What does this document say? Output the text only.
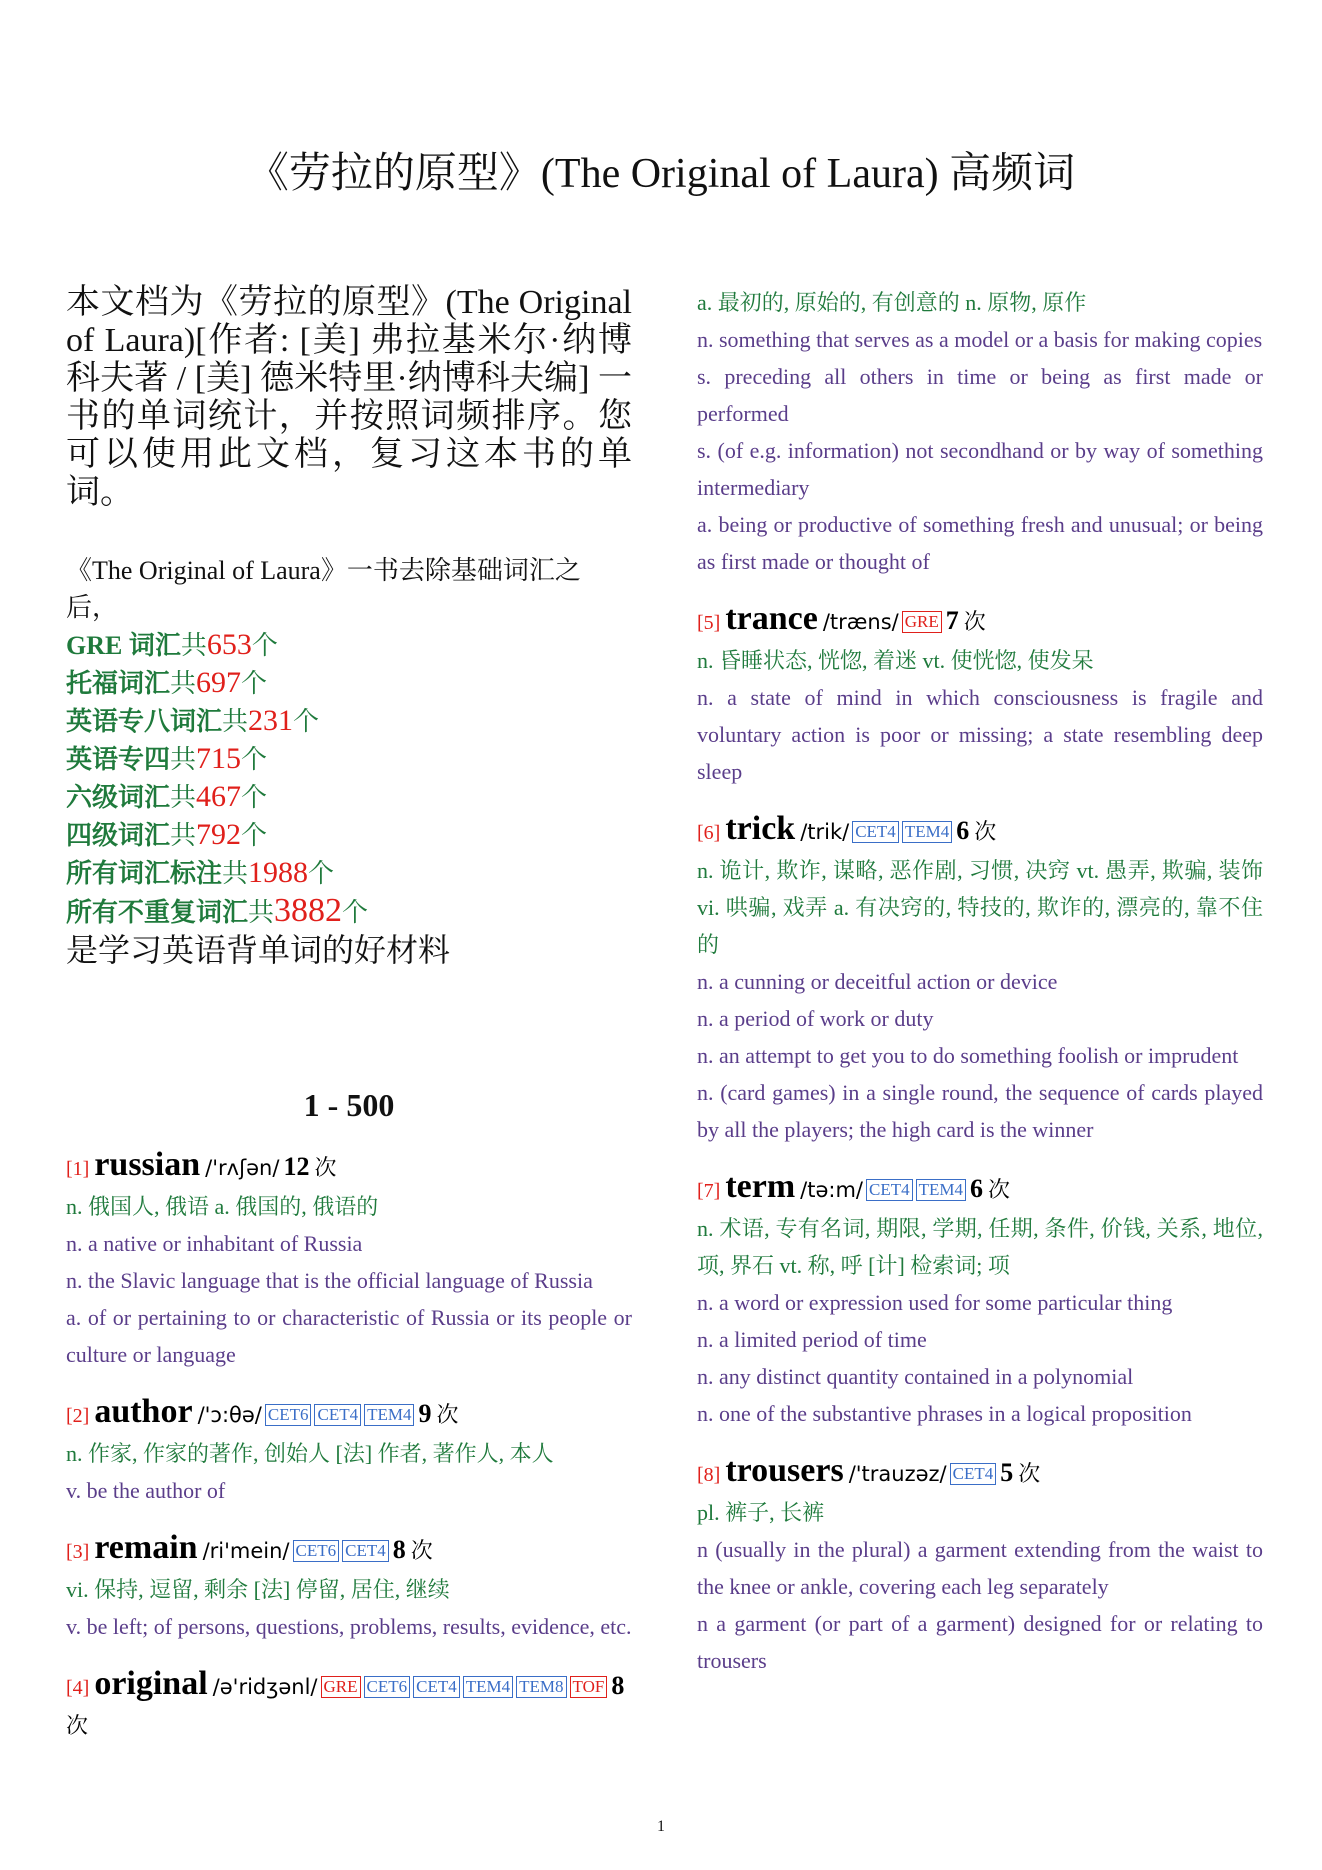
《劳拉的原型》(The Original of Laura) 高频词

本文档为《劳拉的原型》(The Original of Laura)[作者: [美] 弗拉基米尔·纳博科夫著 / [美] 德米特里·纳博科夫编] 一书的单词统计，并按照词频排序。您可以使用此文档，复习这本书的单词。

《The Original of Laura》一书去除基础词汇之后，
GRE 词汇共653个
托福词汇共697个
英语专八词汇共231个
英语专四共715个
六级词汇共467个
四级词汇共792个
所有词汇标注共1988个
所有不重复词汇共3882个
是学习英语背单词的好材料
1 - 500
[1] russian /'rʌʃən/ 12 次
n. 俄国人, 俄语 a. 俄国的, 俄语的
n. a native or inhabitant of Russia
n. the Slavic language that is the official language of Russia
a. of or pertaining to or characteristic of Russia or its people or culture or language
[2] author /'ɔ:θə/ CET6 CET4 TEM4 9 次
n. 作家, 作家的著作, 创始人 [法] 作者, 著作人, 本人
v. be the author of
[3] remain /ri'mein/ CET6 CET4 8 次
vi. 保持, 逗留, 剩余 [法] 停留, 居住, 继续
v. be left; of persons, questions, problems, results, evidence, etc.
[4] original /ə'ridʒənl/ GRE CET6 CET4 TEM4 TEM8 TOF 8 次
a. 最初的, 原始的, 有创意的 n. 原物, 原作
n. something that serves as a model or a basis for making copies
s. preceding all others in time or being as first made or performed
s. (of e.g. information) not secondhand or by way of something intermediary
a. being or productive of something fresh and unusual; or being as first made or thought of
[5] trance /træns/ GRE 7 次
n. 昏睡状态, 恍惚, 着迷 vt. 使恍惚, 使发呆
n. a state of mind in which consciousness is fragile and voluntary action is poor or missing; a state resembling deep sleep
[6] trick /trik/ CET4 TEM4 6 次
n. 诡计, 欺诈, 谋略, 恶作剧, 习惯, 决窍 vt. 愚弄, 欺骗, 装饰 vi. 哄骗, 戏弄 a. 有决窍的, 特技的, 欺诈的, 漂亮的, 靠不住的
n. a cunning or deceitful action or device
n. a period of work or duty
n. an attempt to get you to do something foolish or imprudent
n. (card games) in a single round, the sequence of cards played by all the players; the high card is the winner
[7] term /tə:m/ CET4 TEM4 6 次
n. 术语, 专有名词, 期限, 学期, 任期, 条件, 价钱, 关系, 地位, 项, 界石 vt. 称, 呼 [计] 检索词; 项
n. a word or expression used for some particular thing
n. a limited period of time
n. any distinct quantity contained in a polynomial
n. one of the substantive phrases in a logical proposition
[8] trousers /'trauzəz/ CET4 5 次
pl. 裤子, 长裤
n (usually in the plural) a garment extending from the waist to the knee or ankle, covering each leg separately
n a garment (or part of a garment) designed for or relating to trousers
1
